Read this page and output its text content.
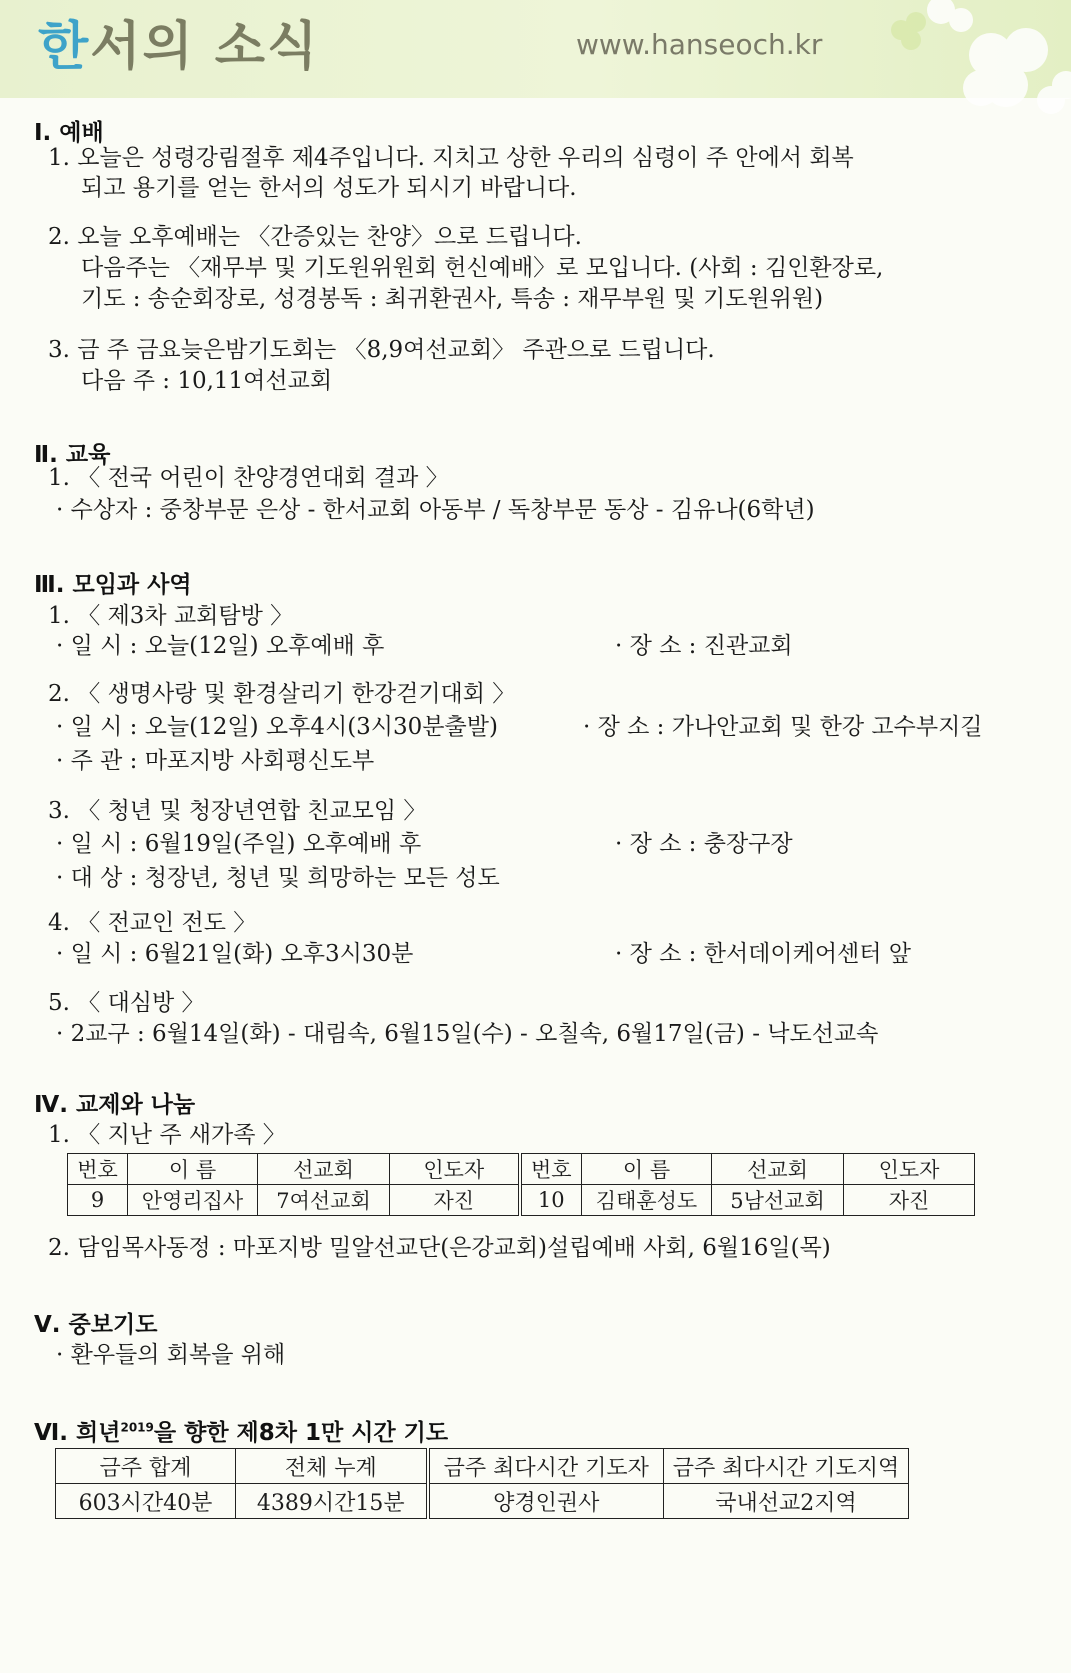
한서의 소식	www.hanseoch.kr
Ⅰ. 예배
1. 오늘은 성령강림절후 제4주입니다. 지치고 상한 우리의 심령이 주 안에서 회복
되고 용기를 얻는 한서의 성도가 되시기 바랍니다.
2. 오늘 오후예배는 〈간증있는 찬양〉으로 드립니다.
다음주는 〈재무부 및 기도원위원회 헌신예배〉로 모입니다. (사회 : 김인환장로,
기도 : 송순회장로, 성경봉독 : 최귀환권사, 특송 : 재무부원 및 기도원위원)
3. 금 주 금요늦은밤기도회는 〈8,9여선교회〉 주관으로 드립니다.
다음 주 : 10,11여선교회
Ⅱ. 교육
1. 〈 전국 어린이 찬양경연대회 결과 〉
· 수상자 : 중창부문 은상 - 한서교회 아동부 / 독창부문 동상 - 김유나(6학년)
Ⅲ. 모임과 사역
1. 〈 제3차 교회탐방 〉
· 일 시 : 오늘(12일) 오후예배 후	· 장 소 : 진관교회
2. 〈 생명사랑 및 환경살리기 한강걷기대회 〉
· 일 시 : 오늘(12일) 오후4시(3시30분출발)	· 장 소 : 가나안교회 및 한강 고수부지길
· 주 관 : 마포지방 사회평신도부
3. 〈 청년 및 청장년연합 친교모임 〉
· 일 시 : 6월19일(주일) 오후예배 후	· 장 소 : 충장구장
· 대 상 : 청장년, 청년 및 희망하는 모든 성도
4. 〈 전교인 전도 〉
· 일 시 : 6월21일(화) 오후3시30분	· 장 소 : 한서데이케어센터 앞
5. 〈 대심방 〉
· 2교구 : 6월14일(화) - 대림속, 6월15일(수) - 오칠속, 6월17일(금) - 낙도선교속
Ⅳ. 교제와 나눔
1. 〈 지난 주 새가족 〉
번호	이 름	선교회	인도자	번호	이 름	선교회	인도자
9	안영리집사	7여선교회	자진	10	김태훈성도	5남선교회	자진
2. 담임목사동정 : 마포지방 밀알선교단(은강교회)설립예배 사회, 6월16일(목)
Ⅴ. 중보기도
· 환우들의 회복을 위해
Ⅵ. 희년$^{2019}$을 향한 제8차 1만 시간 기도
금주 합계	전체 누계	금주 최다시간 기도자	금주 최다시간 기도지역
603시간40분	4389시간15분	양경인권사	국내선교2지역
